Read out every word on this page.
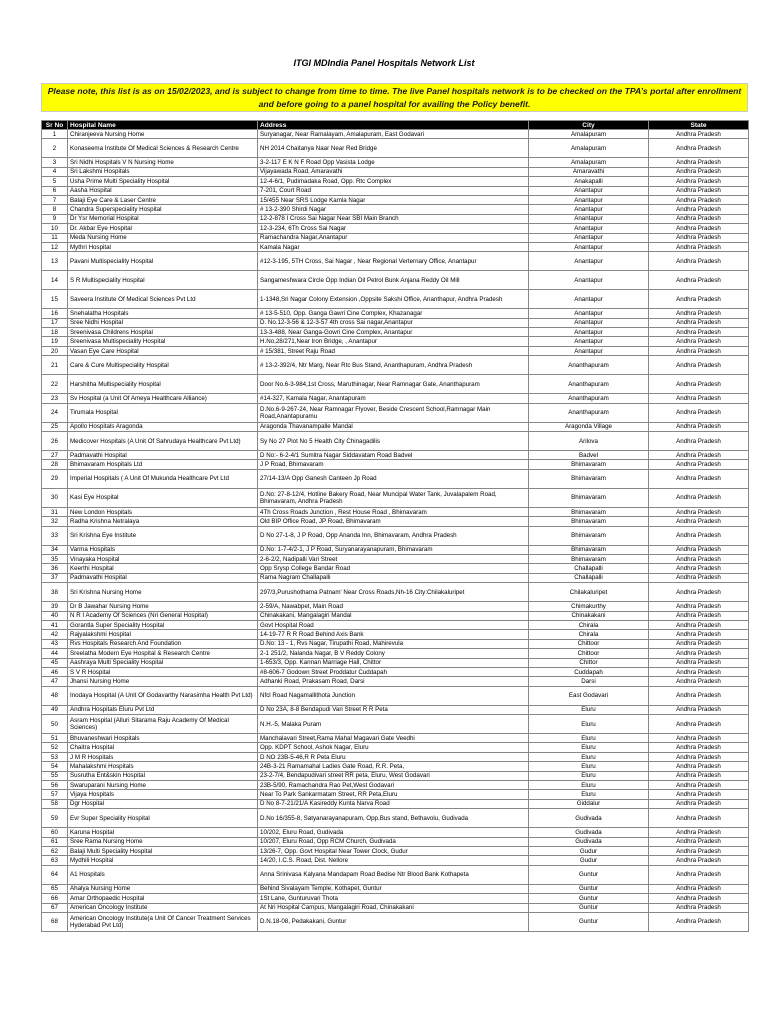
ITGI MDIndia Panel Hospitals Network List
Please note, this list is as on 15/02/2023, and is subject to change from time to time. The live Panel hospitals network is to be checked on the TPA’s portal after enrollment and before going to a panel hospital for availing the Policy benefit.
Sr No	Hospital Name	Address	City	State
1	Chiranjeeva Nursing Home	Suryanagar, Near Ramalayam, Amalapuram, East Godavari	Amalapuram	Andhra Pradesh
2	Konaseema Institute Of Medical Sciences & Research Centre	NH 2014 Chaitanya Naar Near Red Bridge	Amalapuram	Andhra Pradesh
3	Sri Nidhi Hospitals V N Nursing Home	3-2-117 E K N F Road Opp Vasista Lodge	Amalapuram	Andhra Pradesh
4	Sri Lakshmi Hospitals	Vijayawada Road, Amaravathi	Amaravathi	Andhra Pradesh
5	Usha Prime Multi Speciality Hospital	12-4-6/1, Pudimadaka Road, Opp. Rtc Complex	Anakapalli	Andhra Pradesh
6	Aasha Hospital	7-201, Court Road	Anantapur	Andhra Pradesh
7	Balaji Eye Care & Laser Centre	15/455 Near SRS Lodge Kamla Nagar	Anantapur	Andhra Pradesh
8	Chandra Superspeciality Hospital	# 13-2-390 Shirdi Nagar	Anantapur	Andhra Pradesh
9	Dr Ysr Memorial Hospital	12-2-878 I Cross Sai Nagar Near SBI Main Branch	Anantapur	Andhra Pradesh
10	Dr. Akbar Eye Hospital	12-3-234, 6Th Cross Sai Nagar	Anantapur	Andhra Pradesh
11	Meda Nursing Home	Ramachandra Nagar,Anantapur	Anantapur	Andhra Pradesh
12	Mythri Hospital	Kamala Nagar	Anantapur	Andhra Pradesh
13	Pavani Multispeciality Hospital	#12-3-195, 5TH Cross, Sai Nagar , Near Regional Verternary Office, Anantapur	Anantapur	Andhra Pradesh
14	S R Multispeciality Hospital	Sangameshwara Circle Opp Indian Oil Petrol Bunk Anjana Reddy Oil Mill	Anantapur	Andhra Pradesh
15	Saveera Institute Of Medical Sciences Pvt Ltd	1-1348,Sri Nagar Colony Extension ,Oppsite Sakshi Office, Ananthapur, Andhra Pradesh	Anantapur	Andhra Pradesh
16	Snehalatha Hospitals	# 13-5-510, Opp. Ganga Gawri Cine Complex, Khazanagar	Anantapur	Andhra Pradesh
17	Sree Nidhi Hospital	D. No.12-3-56 & 12-3-57 4th cross Sai nagar,Anantapur	Anantapur	Andhra Pradesh
18	Sreenivasa Childrens Hospital	13-3-488, Near Ganga-Gowri Cine Complex, Anantapur	Anantapur	Andhra Pradesh
19	Sreenivasa Multispeciality Hospital	H.No,28/271,Near Iron Bridge, , Anantapur	Anantapur	Andhra Pradesh
20	Vasan Eye Care Hospital	# 15/381, Street Raju Road	Anantapur	Andhra Pradesh
21	Care & Cure Multispeciality Hospital	# 13-2-392/4, Ntr Marg, Near Rtc Bus Stand, Ananthapuram, Andhra Pradesh	Ananthapuram	Andhra Pradesh
22	Harshitha Multispeciality Hospital	Door No.6-3-984,1st Cross, Maruthinagar, Near Ramnagar Gate, Ananthapuram	Ananthapuram	Andhra Pradesh
23	Sv Hospital (a Unit Of Ameya Healthcare Alliance)	#14-327, Kamala Nagar, Anantapuram	Ananthapuram	Andhra Pradesh
24	Tirumala Hospital	D.No.6-9-267-24, Near Ramnagar Flyover, Beside Crescent School,Ramnagar Main Road,Anantapuramu	Ananthapuram	Andhra Pradesh
25	Apollo Hospitals Aragonda	Aragonda Thavanampalle Mandal	Aragonda Village	Andhra Pradesh
26	Medicover Hospitals (A Unit Of Sahrudaya Healthcare Pvt Ltd)	Sy No 27 Plot No 5 Health City Chinagadilis	Arilova	Andhra Pradesh
27	Padmavathi Hospital	D No:- 6-2-4/1 Sumitra Nagar Siddavatam Road Badvel	Badvel	Andhra Pradesh
28	Bhimavaram Hospitals Ltd	J P Road, Bhimavaram	Bhimavaram	Andhra Pradesh
29	Imperial Hospitals ( A Unit Of Mukunda Healthcare Pvt Ltd	27/14-13/A Opp Ganesh Canteen Jp Road	Bhimavaram	Andhra Pradesh
30	Kasi Eye Hospital	D.No: 27-8-12/4, Hotline Bakery Road, Near Muncipal Water Tank, Juvalapalem Road, Bhimavaram, Andhra Pradesh	Bhimavaram	Andhra Pradesh
31	New London Hospitals	4Th Cross Roads Junction , Rest House Road , Bhimavaram	Bhimavaram	Andhra Pradesh
32	Radha Krishna Netralaya	Old BIP Office Road, JP Road, Bhimavaram	Bhimavaram	Andhra Pradesh
33	Sri Krishna Eye Institute	D No 27-1-8, J P Road, Opp Ananda Inn, Bhimavaram, Andhra Pradesh	Bhimavaram	Andhra Pradesh
34	Varma Hospitals	D.No: 1-7-4/2-1, J P Road, Suryanarayanapuram, Bhimavaram	Bhimavaram	Andhra Pradesh
35	Vinayaka Hospital	2-6-2/2, Nadipalli Vari Street	Bhimavaram	Andhra Pradesh
36	Keerthi Hospital	Opp Srysp College Bandar Road	Challapalli	Andhra Pradesh
37	Padmavathi Hospital	Rama Nagram Challapalli	Challapalli	Andhra Pradesh
38	Sri Krishna Nursing Home	297/3,Purushothama Patnam' Near Cross Roads,Nh-16 City:Chilakaluripet	Chilakaluripet	Andhra Pradesh
39	Dr B Jawahar Nursing Home	2-59/A, Nawabpet, Main Road	Chimakurthy	Andhra Pradesh
40	N R I Academy Of Sciences (Nri General Hospital)	Chinakakani, Mangalagiri Mandal	Chinakakani	Andhra Pradesh
41	Gorantla Super Speciality Hospital	Govt Hospital Road	Chirala	Andhra Pradesh
42	Rajyalakshmi Hospital	14-19-77 R R Road Behind Axis Bank	Chirala	Andhra Pradesh
43	Rvs Hospitals Research And Foundation	D.No: 13 - 1, Rvs Nagar, Tirupathi Road, Mahirevula	Chittoor	Andhra Pradesh
44	Sreelatha Modern Eye Hospital & Research Centre	2-1 251/2, Nalanda Nagar, B V Reddy Colony	Chittoor	Andhra Pradesh
45	Aashraya Multi Speciality Hospital	1-653/3, Opp. Kannan Marriage Hall, Chittor	Chittor	Andhra Pradesh
46	S V R Hospital	#8-606-7 Godown Street Proddatur Cuddapah	Cuddapah	Andhra Pradesh
47	Jhansi Nursing Home	Adhanki Road, Prakasam Road, Darsi	Darsi	Andhra Pradesh
48	Inodaya Hospital (A Unit Of Godavarthy Narasimha Health Pvt Ltd)	Nfcl Road Nagamallithota Junction	East Godavari	Andhra Pradesh
49	Andhra Hospitals Eluru Pvt Ltd	D No 23A, 8-8 Bendapudi Vari Street R R Peta	Eluru	Andhra Pradesh
50	Asram Hospital (Alluri Sitarama Raju Academy Of Medical Sciences)	N.H.-5, Malaka Puram	Eluru	Andhra Pradesh
51	Bhuvaneshwari Hospitals	Manchalavari Street,Rama Mahal Magavari Gate Veedhi	Eluru	Andhra Pradesh
52	Chaitra Hospital	Opp. KDPT School, Ashok Nagar, Eluru	Eluru	Andhra Pradesh
53	J M R Hospitals	D NO 23B-5-46,R R Peta Eluru	Eluru	Andhra Pradesh
54	Mahalakshmi Hospitals	24B-3-21 Ramamahal Ladies Gate Road, R.R. Peta,	Eluru	Andhra Pradesh
55	Susrutha Ent&skin Hospital	23-2-7/4, Bendapudivari street RR peta, Eluru, West Godavari	Eluru	Andhra Pradesh
56	Swaruparani Nursing Home	23B-5/90, Ramachandra Rao Pet,West Godavari	Eluru	Andhra Pradesh
57	Vijaya Hospitals	Near To Park Sankarmatam Street, RR Peta,Eluru	Eluru	Andhra Pradesh
58	Dgr Hospital	D No 8-7-21/21/A Kasireddy Kunta Narva Road	Giddalur	Andhra Pradesh
59	Evr Super Speciality Hospital	D.No 16/355-8, Satyanarayanapuram, Opp.Bus stand, Bethavolu, Gudivada	Gudivada	Andhra Pradesh
60	Karuna Hospital	10/202, Eluru Road, Gudivada	Gudivada	Andhra Pradesh
61	Sree Rama Nursing Home	10/207, Eluru Road, Opp RCM Church, Gudivada	Gudivada	Andhra Pradesh
62	Balaji Multi Speciality Hospital	13/26-7, Opp. Govt Hospital Near Tower Clock, Gudur	Gudur	Andhra Pradesh
63	Mydhili Hospital	14/20, I.C.S. Road, Dist. Nellore	Gudur	Andhra Pradesh
64	A1 Hospitals	Anna Srinivasa Kalyana Mandapam Road Bedise Ntr Blood Bank Kothapeta	Guntur	Andhra Pradesh
65	Ahalya Nursing Home	Behind Sivalayam Temple, Kothapet, Guntur	Guntur	Andhra Pradesh
66	Amar Orthopaedic Hospital	1St Lane, Gunturuvari Thota	Guntur	Andhra Pradesh
67	American Oncology Institute	At Nri Hospital Campus, Mangalagiri Road, Chinakakani	Guntur	Andhra Pradesh
68	American Oncology Institute(a Unit Of Cancer Treatment Services Hyderabad Pvt Ltd)	D.N.18-08, Pedakakani, Guntur	Guntur	Andhra Pradesh
